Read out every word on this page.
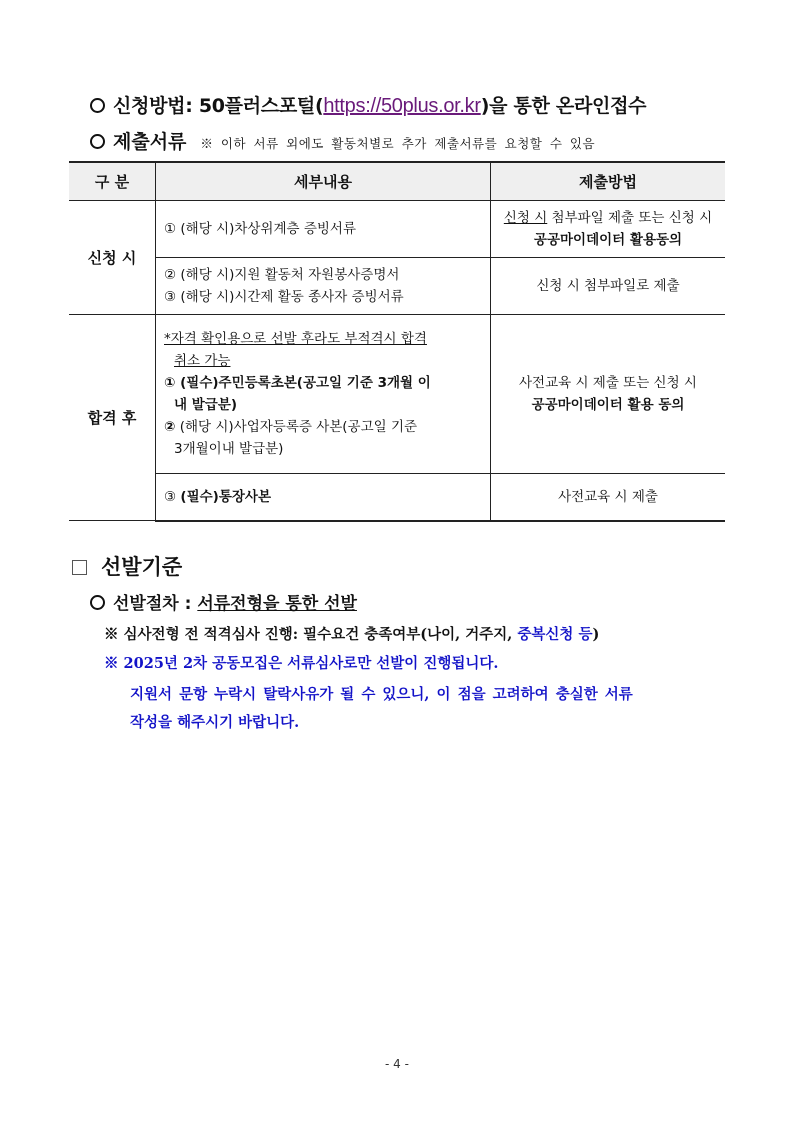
신청방법: 50플러스포털(https://50plus.or.kr)을 통한 온라인접수
제출서류 ※ 이하 서류 외에도 활동처별로 추가 제출서류를 요청할 수 있음
구 분	세부내용	제출방법
신청 시	① (해당 시)차상위계층 증빙서류	신청 시 첨부파일 제출 또는 신청 시
공공마이데이터 활용동의
	② (해당 시)지원 활동처 자원봉사증명서
③ (해당 시)시간제 활동 종사자 증빙서류	신청 시 첨부파일로 제출
합격 후	*자격 확인용으로 선발 후라도 부적격시 합격
취소 가능
① (필수)주민등록초본(공고일 기준 3개월 이
내 발급분)
② (해당 시)사업자등록증 사본(공고일 기준
3개월이내 발급분)	사전교육 시 제출 또는 신청 시
공공마이데이터 활용 동의
	③ (필수)통장사본	사전교육 시 제출
선발기준
선발절차 : 서류전형을 통한 선발
※ 심사전형 전 적격심사 진행: 필수요건 충족여부(나이, 거주지, 중복신청 등)
※ 2025년 2차 공동모집은 서류심사로만 선발이 진행됩니다.
지원서 문항 누락시 탈락사유가 될 수 있으니, 이 점을 고려하여 충실한 서류
작성을 해주시기 바랍니다.
- 4 -
